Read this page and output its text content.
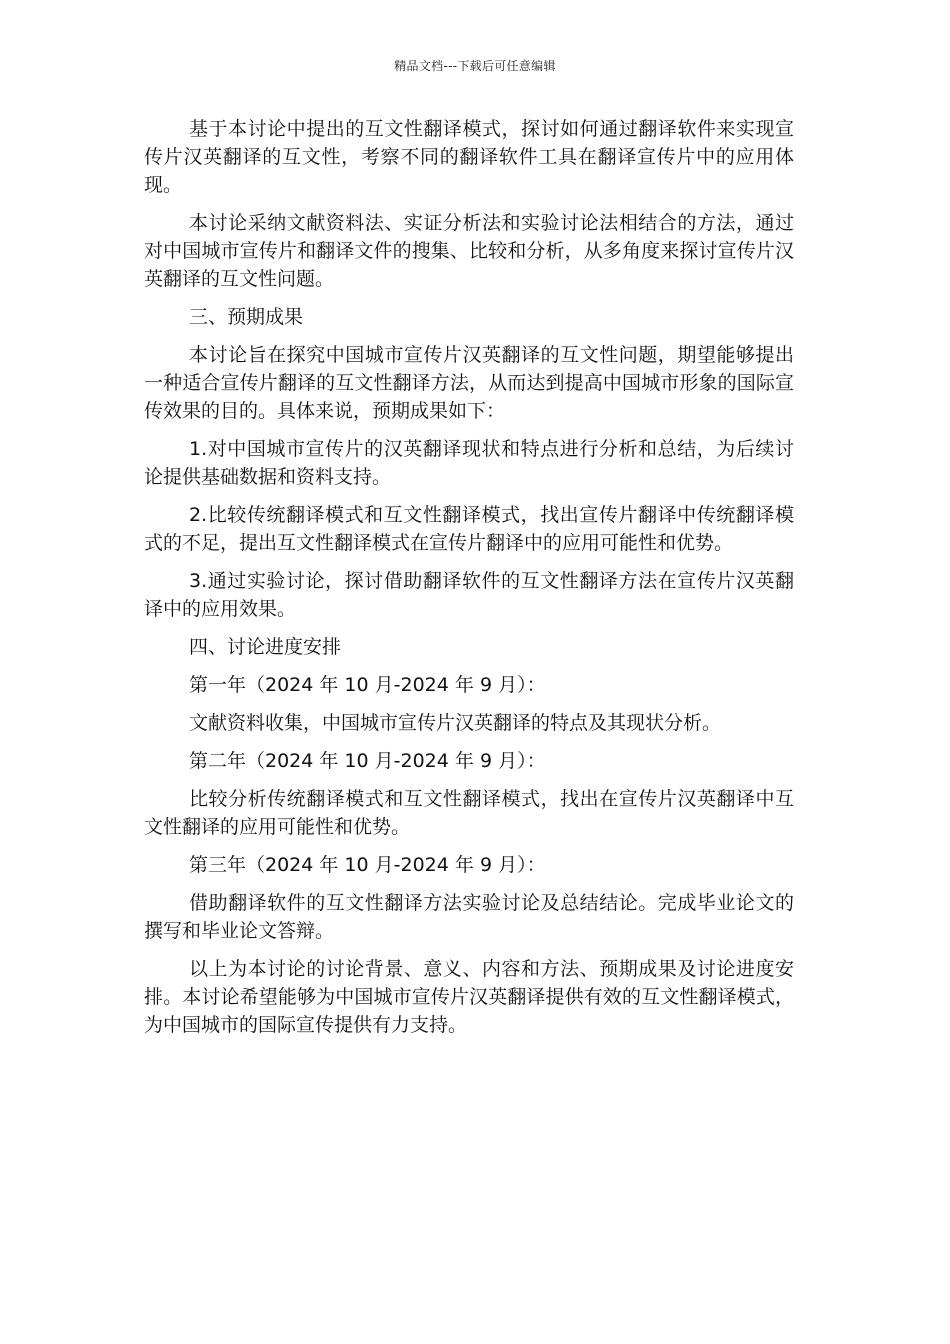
精品文档---下载后可任意编辑

基于本讨论中提出的互文性翻译模式，探讨如何通过翻译软件来实现宣传片汉英翻译的互文性，考察不同的翻译软件工具在翻译宣传片中的应用体现。

本讨论采纳文献资料法、实证分析法和实验讨论法相结合的方法，通过对中国城市宣传片和翻译文件的搜集、比较和分析，从多角度来探讨宣传片汉英翻译的互文性问题。

三、预期成果

本讨论旨在探究中国城市宣传片汉英翻译的互文性问题，期望能够提出一种适合宣传片翻译的互文性翻译方法，从而达到提高中国城市形象的国际宣传效果的目的。具体来说，预期成果如下：

1.对中国城市宣传片的汉英翻译现状和特点进行分析和总结，为后续讨论提供基础数据和资料支持。

2.比较传统翻译模式和互文性翻译模式，找出宣传片翻译中传统翻译模式的不足，提出互文性翻译模式在宣传片翻译中的应用可能性和优势。

3.通过实验讨论，探讨借助翻译软件的互文性翻译方法在宣传片汉英翻译中的应用效果。

四、讨论进度安排

第一年（2024 年 10 月-2024 年 9 月）：

文献资料收集，中国城市宣传片汉英翻译的特点及其现状分析。

第二年（2024 年 10 月-2024 年 9 月）：

比较分析传统翻译模式和互文性翻译模式，找出在宣传片汉英翻译中互文性翻译的应用可能性和优势。

第三年（2024 年 10 月-2024 年 9 月）：

借助翻译软件的互文性翻译方法实验讨论及总结结论。完成毕业论文的撰写和毕业论文答辩。

以上为本讨论的讨论背景、意义、内容和方法、预期成果及讨论进度安排。本讨论希望能够为中国城市宣传片汉英翻译提供有效的互文性翻译模式，为中国城市的国际宣传提供有力支持。
